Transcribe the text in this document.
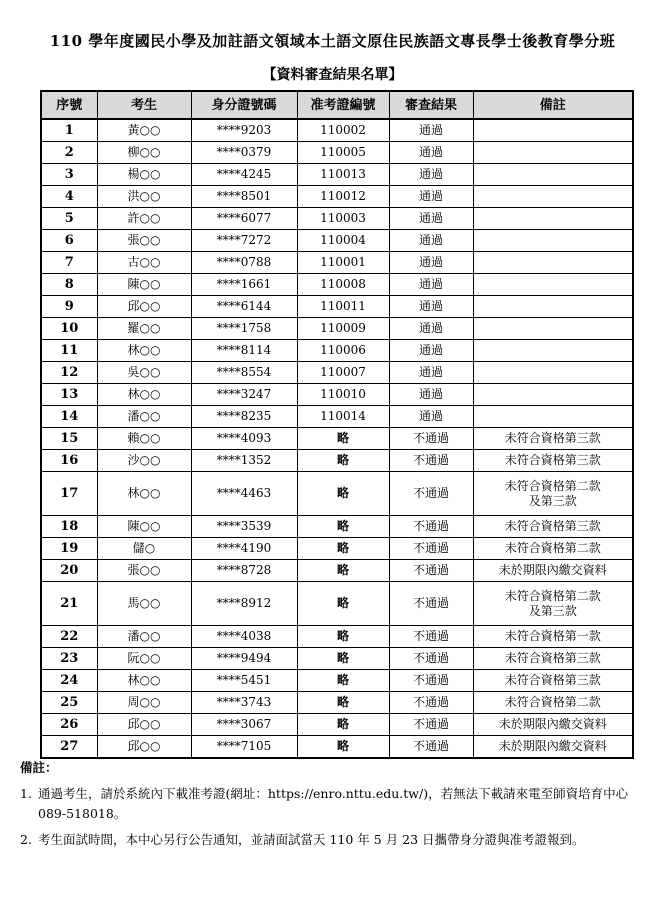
110 學年度國民小學及加註語文領域本土語文原住民族語文專長學士後教育學分班
【資料審查結果名單】
序號	考生	身分證號碼	准考證編號	審查結果	備註
1	黃○○	****9203	110002	通過	
2	柳○○	****0379	110005	通過	
3	楊○○	****4245	110013	通過	
4	洪○○	****8501	110012	通過	
5	許○○	****6077	110003	通過	
6	張○○	****7272	110004	通過	
7	古○○	****0788	110001	通過	
8	陳○○	****1661	110008	通過	
9	邱○○	****6144	110011	通過	
10	羅○○	****1758	110009	通過	
11	林○○	****8114	110006	通過	
12	吳○○	****8554	110007	通過	
13	林○○	****3247	110010	通過	
14	潘○○	****8235	110014	通過	
15	賴○○	****4093	略	不通過	未符合資格第三款
16	沙○○	****1352	略	不通過	未符合資格第三款
17	林○○	****4463	略	不通過	未符合資格第二款
及第三款

18	陳○○	****3539	略	不通過	未符合資格第三款
19	儲○	****4190	略	不通過	未符合資格第二款
20	張○○	****8728	略	不通過	未於期限內繳交資料
21	馬○○	****8912	略	不通過	未符合資格第二款
及第三款

22	潘○○	****4038	略	不通過	未符合資格第一款
23	阮○○	****9494	略	不通過	未符合資格第三款
24	林○○	****5451	略	不通過	未符合資格第三款
25	周○○	****3743	略	不通過	未符合資格第二款
26	邱○○	****3067	略	不通過	未於期限內繳交資料
27	邱○○	****7105	略	不通過	未於期限內繳交資料
備註：
1. 通過考生，請於系統內下載准考證(網址：https://enro.nttu.edu.tw/)，若無法下載請來電至師資培育中心 089-518018。
2. 考生面試時間，本中心另行公告通知，並請面試當天 110 年 5 月 23 日攜帶身分證與准考證報到。
